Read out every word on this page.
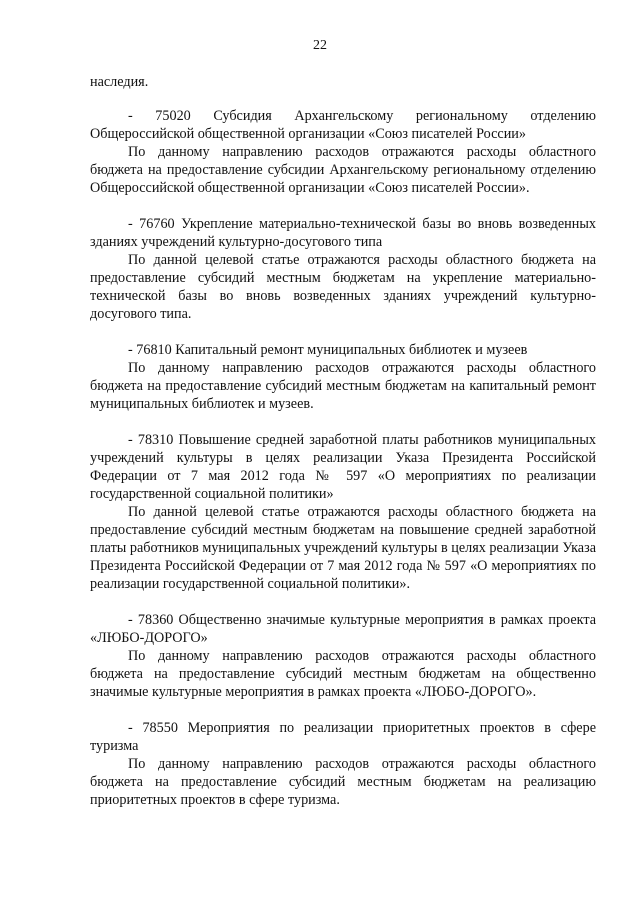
22

наследия.

- 75020 Субсидия Архангельскому региональному отделению Общероссийской общественной организации «Союз писателей России»

По данному направлению расходов отражаются расходы областного бюджета на предоставление субсидии Архангельскому региональному отделению Общероссийской общественной организации «Союз писателей России».

- 76760 Укрепление материально-технической базы во вновь возведенных зданиях учреждений культурно-досугового типа

По данной целевой статье отражаются расходы областного бюджета на предоставление субсидий местным бюджетам на укрепление материально-технической базы во вновь возведенных зданиях учреждений культурно-досугового типа.

- 76810 Капитальный ремонт муниципальных библиотек и музеев

По данному направлению расходов отражаются расходы областного бюджета на предоставление субсидий местным бюджетам на капитальный ремонт муниципальных библиотек и музеев.

- 78310 Повышение средней заработной платы работников муниципальных учреждений культуры в целях реализации Указа Президента Российской Федерации от 7 мая 2012 года № 597 «О мероприятиях по реализации государственной социальной политики»

По данной целевой статье отражаются расходы областного бюджета на предоставление субсидий местным бюджетам на повышение средней заработной платы работников муниципальных учреждений культуры в целях реализации Указа Президента Российской Федерации от 7 мая 2012 года № 597 «О мероприятиях по реализации государственной социальной политики».

- 78360 Общественно значимые культурные мероприятия в рамках проекта «ЛЮБО-ДОРОГО»

По данному направлению расходов отражаются расходы областного бюджета на предоставление субсидий местным бюджетам на общественно значимые культурные мероприятия в рамках проекта «ЛЮБО-ДОРОГО».

- 78550 Мероприятия по реализации приоритетных проектов в сфере туризма

По данному направлению расходов отражаются расходы областного бюджета на предоставление субсидий местным бюджетам на реализацию приоритетных проектов в сфере туризма.
